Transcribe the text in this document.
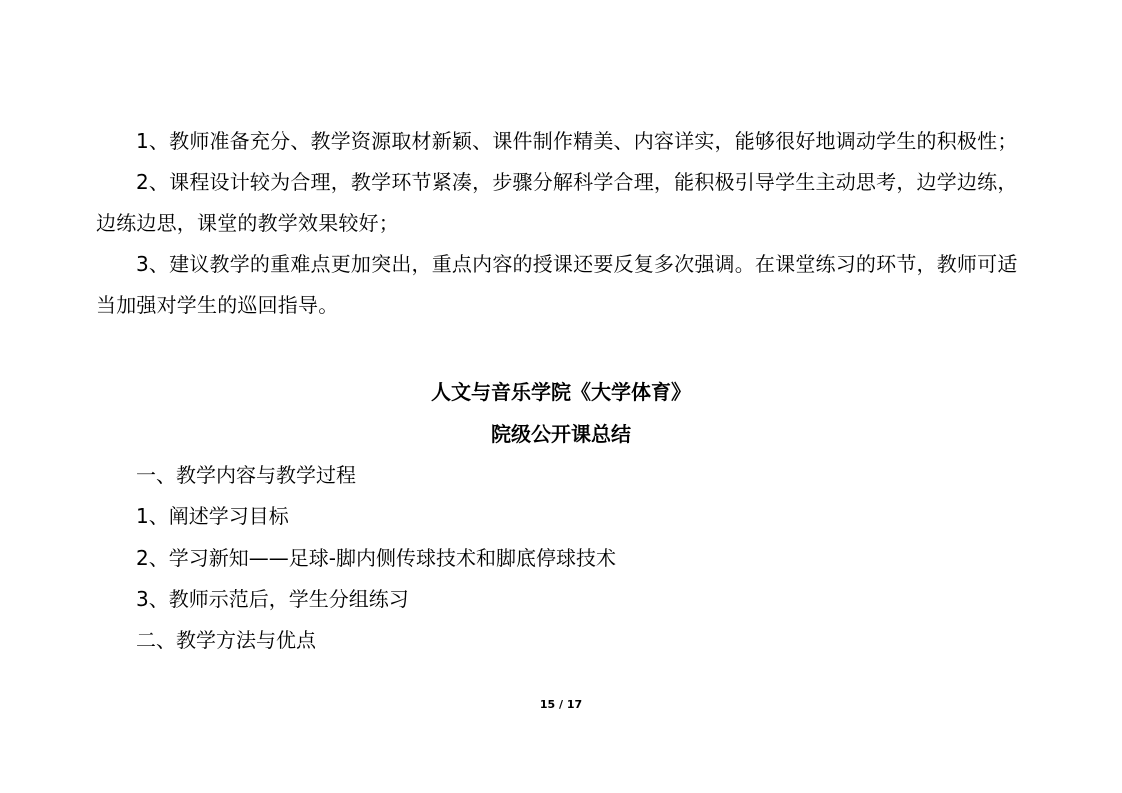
1、教师准备充分、教学资源取材新颖、课件制作精美、内容详实，能够很好地调动学生的积极性；

2、课程设计较为合理，教学环节紧凑，步骤分解科学合理，能积极引导学生主动思考，边学边练，边练边思，课堂的教学效果较好；

3、建议教学的重难点更加突出，重点内容的授课还要反复多次强调。在课堂练习的环节，教师可适当加强对学生的巡回指导。

人文与音乐学院《大学体育》
院级公开课总结
一、教学内容与教学过程
1、阐述学习目标
2、学习新知——足球-脚内侧传球技术和脚底停球技术
3、教师示范后，学生分组练习
二、教学方法与优点
15 / 17
